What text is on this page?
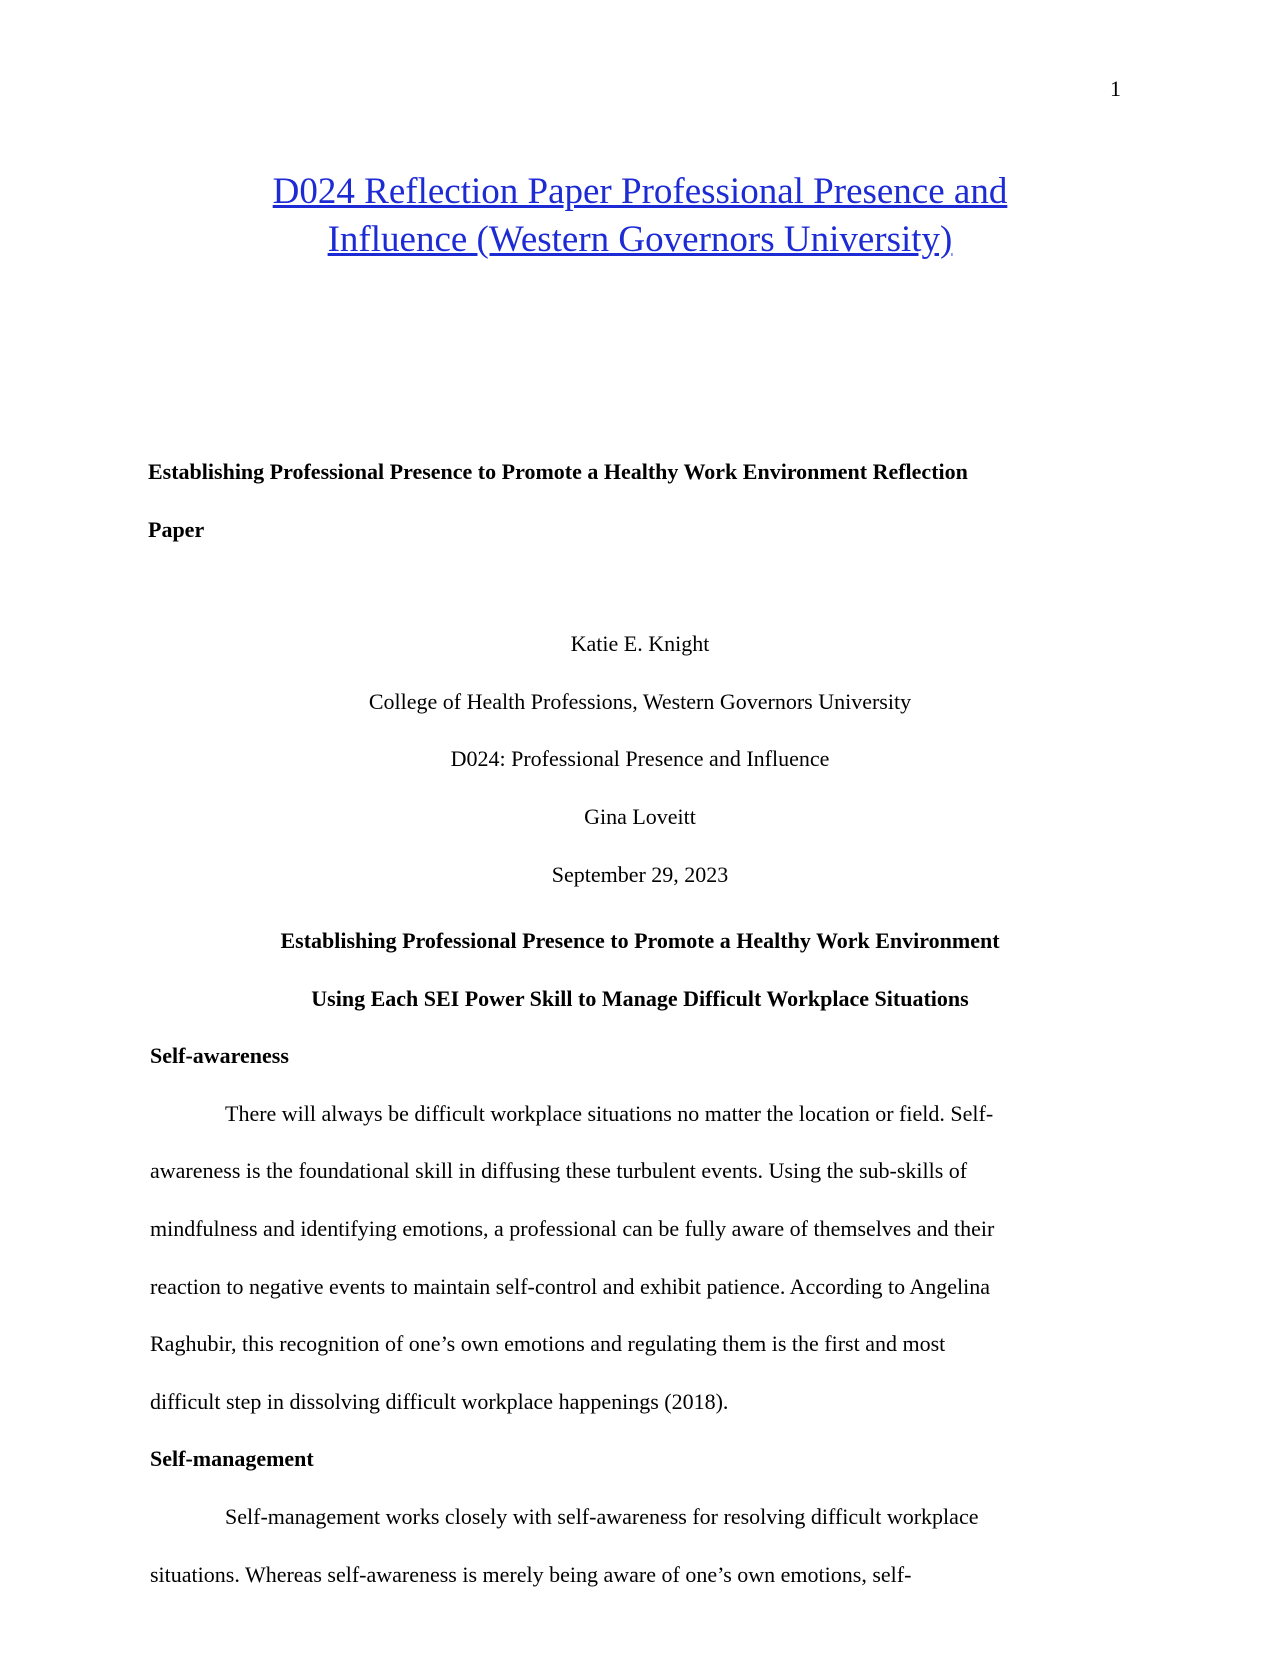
1
D024 Reflection Paper Professional Presence and
Influence (Western Governors University)
Establishing Professional Presence to Promote a Healthy Work Environment Reflection
Paper
Katie E. Knight
College of Health Professions, Western Governors University
D024: Professional Presence and Influence
Gina Loveitt
September 29, 2023
Establishing Professional Presence to Promote a Healthy Work Environment
Using Each SEI Power Skill to Manage Difficult Workplace Situations
Self-awareness
There will always be difficult workplace situations no matter the location or field. Self-
awareness is the foundational skill in diffusing these turbulent events. Using the sub-skills of
mindfulness and identifying emotions, a professional can be fully aware of themselves and their
reaction to negative events to maintain self-control and exhibit patience. According to Angelina
Raghubir, this recognition of one’s own emotions and regulating them is the first and most
difficult step in dissolving difficult workplace happenings (2018).
Self-management
Self-management works closely with self-awareness for resolving difficult workplace
situations. Whereas self-awareness is merely being aware of one’s own emotions, self-
